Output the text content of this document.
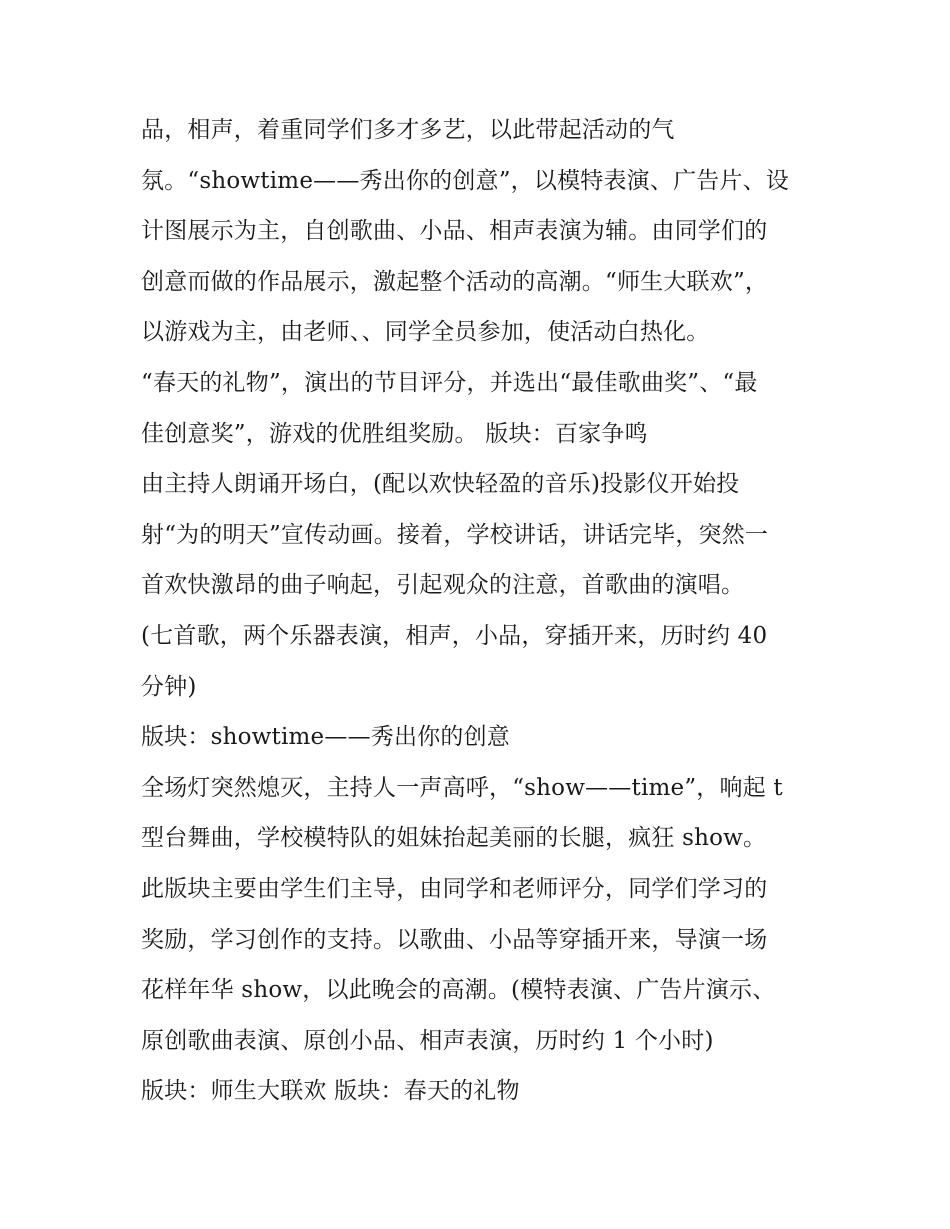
品，相声，着重同学们多才多艺，以此带起活动的气
氛。“showtime——秀出你的创意”，以模特表演、广告片、设
计图展示为主，自创歌曲、小品、相声表演为辅。由同学们的
创意而做的作品展示，激起整个活动的高潮。“师生大联欢”，
以游戏为主，由老师、、同学全员参加，使活动白热化。
“春天的礼物”，演出的节目评分，并选出“最佳歌曲奖”、“最
佳创意奖”，游戏的优胜组奖励。 版块：百家争鸣
由主持人朗诵开场白，(配以欢快轻盈的音乐)投影仪开始投
射“为的明天”宣传动画。接着，学校讲话，讲话完毕，突然一
首欢快激昂的曲子响起，引起观众的注意，首歌曲的演唱。
(七首歌，两个乐器表演，相声，小品，穿插开来，历时约 40
分钟)
版块：showtime——秀出你的创意
全场灯突然熄灭，主持人一声高呼，“show——time”，响起 t
型台舞曲，学校模特队的姐妹抬起美丽的长腿，疯狂 show。
此版块主要由学生们主导，由同学和老师评分，同学们学习的
奖励，学习创作的支持。以歌曲、小品等穿插开来，导演一场
花样年华 show，以此晚会的高潮。(模特表演、广告片演示、
原创歌曲表演、原创小品、相声表演，历时约 1 个小时)
版块：师生大联欢 版块：春天的礼物
